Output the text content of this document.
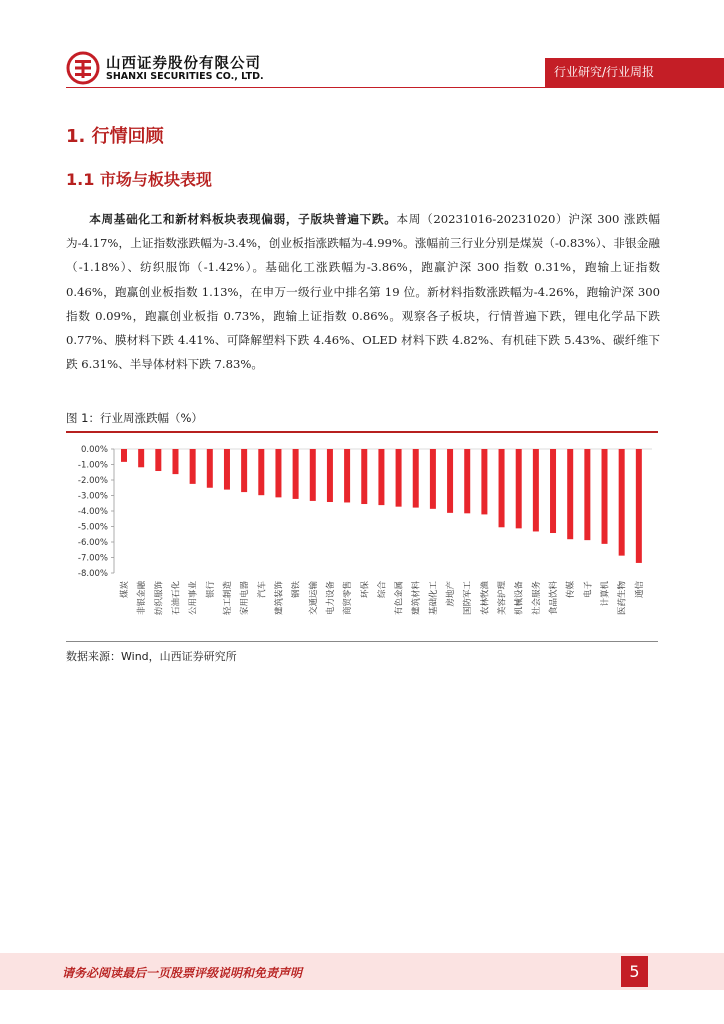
山西证券股份有限公司
SHANXI SECURITIES CO., LTD.	行业研究/行业周报
1. 行情回顾
1.1 市场与板块表现

本周基础化工和新材料板块表现偏弱，子版块普遍下跌。本周（20231016-20231020）沪深 300 涨跌幅为-4.17%，上证指数涨跌幅为-3.4%，创业板指涨跌幅为-4.99%。涨幅前三行业分别是煤炭（-0.83%）、非银金融（-1.18%）、纺织服饰（-1.42%）。基础化工涨跌幅为-3.86%，跑赢沪深 300 指数 0.31%，跑输上证指数 0.46%，跑赢创业板指数 1.13%，在申万一级行业中排名第 19 位。新材料指数涨跌幅为-4.26%，跑输沪深 300 指数 0.09%，跑赢创业板指 0.73%，跑输上证指数 0.86%。观察各子板块，行情普遍下跌，锂电化学品下跌 0.77%、膜材料下跌 4.41%、可降解塑料下跌 4.46%、OLED 材料下跌 4.82%、有机硅下跌 5.43%、碳纤维下跌 6.31%、半导体材料下跌 7.83%。

图 1：行业周涨跌幅（%）
0.00%
-1.00%
-2.00%
-3.00%
-4.00%
-5.00%
-6.00%
-7.00%
-8.00%
煤炭 非银金融 纺织服饰 石油石化 公用事业 银行 轻工制造 家用电器 汽车 建筑装饰 钢铁 交通运输 电力设备 商贸零售 环保 综合 有色金属 建筑材料 基础化工 房地产 国防军工 农林牧渔 美容护理 机械设备 社会服务 食品饮料 传媒 电子 计算机 医药生物 通信
数据来源：Wind，山西证券研究所
请务必阅读最后一页股票评级说明和免责声明	5
